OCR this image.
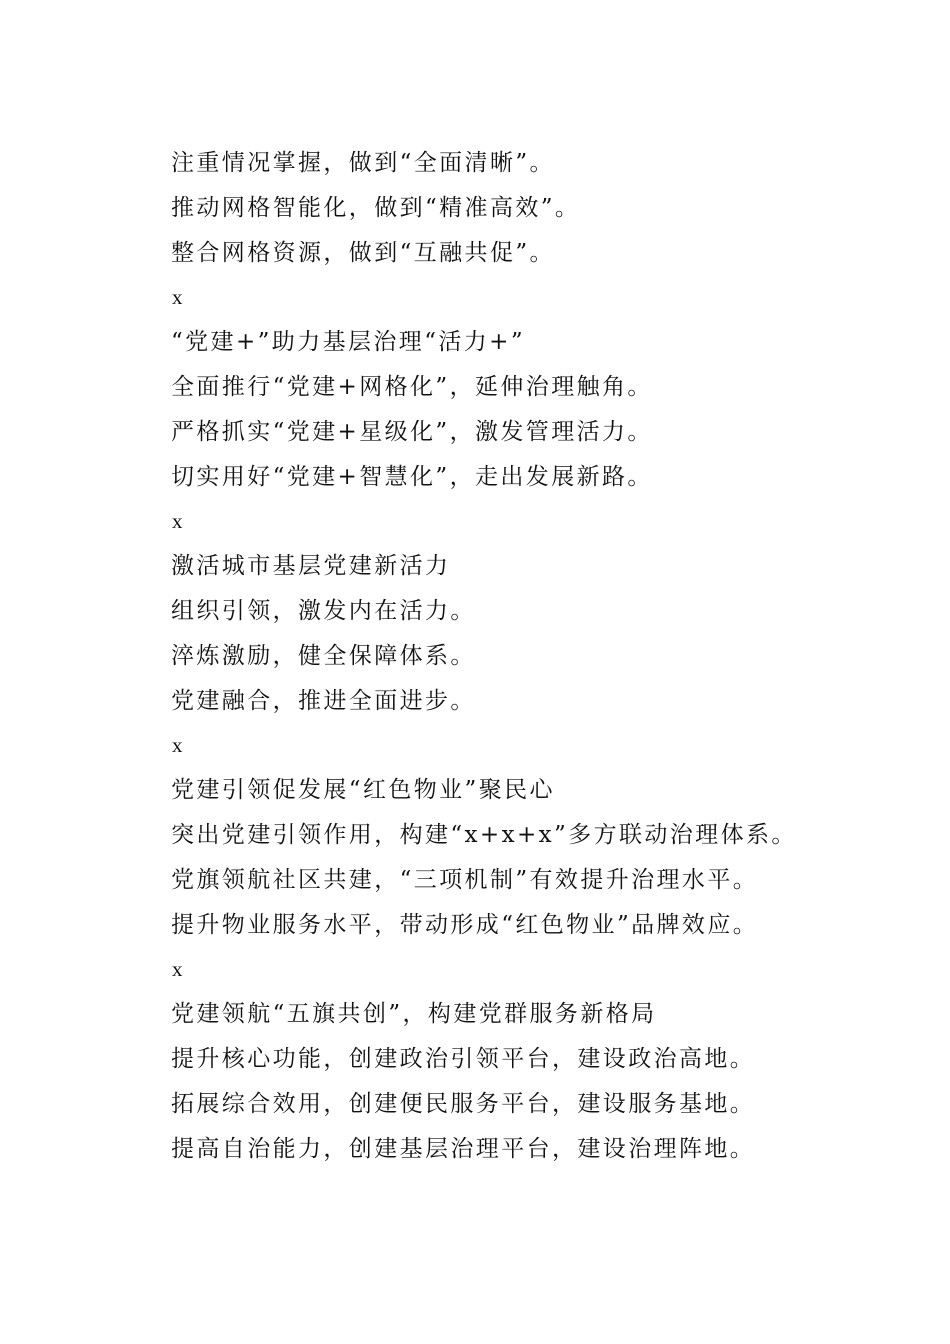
注重情况掌握，做到“全面清晰”。
推动网格智能化，做到“精准高效”。
整合网格资源，做到“互融共促”。
x
“党建+”助力基层治理“活力+”
全面推行“党建+网格化”，延伸治理触角。
严格抓实“党建+星级化”，激发管理活力。
切实用好“党建+智慧化”，走出发展新路。
x
激活城市基层党建新活力
组织引领，激发内在活力。
淬炼激励，健全保障体系。
党建融合，推进全面进步。
x
党建引领促发展“红色物业”聚民心
突出党建引领作用，构建“x+x+x”多方联动治理体系。
党旗领航社区共建，“三项机制”有效提升治理水平。
提升物业服务水平，带动形成“红色物业”品牌效应。
x
党建领航“五旗共创”，构建党群服务新格局
提升核心功能，创建政治引领平台，建设政治高地。
拓展综合效用，创建便民服务平台，建设服务基地。
提高自治能力，创建基层治理平台，建设治理阵地。
